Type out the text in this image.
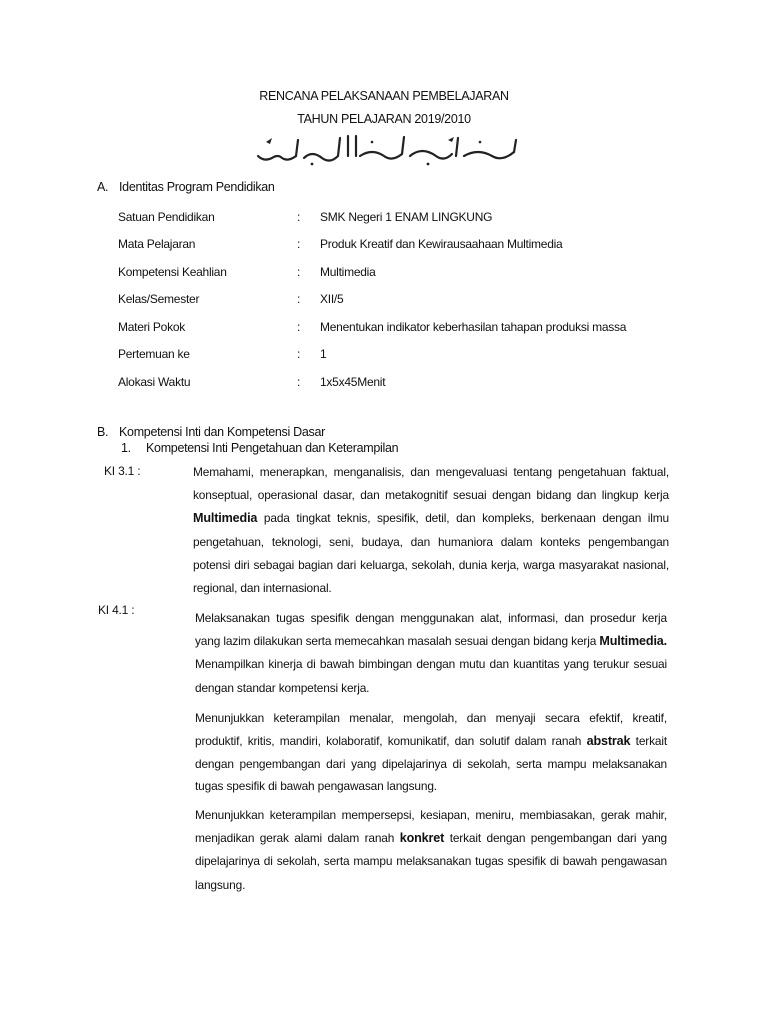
RENCANA PELAKSANAAN PEMBELAJARAN
TAHUN PELAJARAN 2019/2010
A. Identitas Program Pendidikan
Satuan Pendidikan	: SMK Negeri 1 ENAM LINGKUNG
Mata Pelajaran	: Produk Kreatif dan Kewirausaahaan Multimedia
Kompetensi Keahlian	: Multimedia
Kelas/Semester	: XII/5
Materi Pokok	: Menentukan indikator keberhasilan tahapan produksi massa
Pertemuan ke	: 1
Alokasi Waktu	: 1x5x45Menit
B. Kompetensi Inti dan Kompetensi Dasar
1. Kompetensi Inti Pengetahuan dan Keterampilan
KI 3.1 :	Memahami, menerapkan, menganalisis, dan mengevaluasi tentang pengetahuan faktual, konseptual, operasional dasar, dan metakognitif sesuai dengan bidang dan lingkup kerja Multimedia pada tingkat teknis, spesifik, detil, dan kompleks, berkenaan dengan ilmu pengetahuan, teknologi, seni, budaya, dan humaniora dalam konteks pengembangan potensi diri sebagai bagian dari keluarga, sekolah, dunia kerja, warga masyarakat nasional, regional, dan internasional.

KI 4.1 :

Melaksanakan tugas spesifik dengan menggunakan alat, informasi, dan prosedur kerja yang lazim dilakukan serta memecahkan masalah sesuai dengan bidang kerja Multimedia. Menampilkan kinerja di bawah bimbingan dengan mutu dan kuantitas yang terukur sesuai dengan standar kompetensi kerja.

Menunjukkan keterampilan menalar, mengolah, dan menyaji secara efektif, kreatif, produktif, kritis, mandiri, kolaboratif, komunikatif, dan solutif dalam ranah abstrak terkait dengan pengembangan dari yang dipelajarinya di sekolah, serta mampu melaksanakan tugas spesifik di bawah pengawasan langsung.

Menunjukkan keterampilan mempersepsi, kesiapan, meniru, membiasakan, gerak mahir, menjadikan gerak alami dalam ranah konkret terkait dengan pengembangan dari yang dipelajarinya di sekolah, serta mampu melaksanakan tugas spesifik di bawah pengawasan langsung.
